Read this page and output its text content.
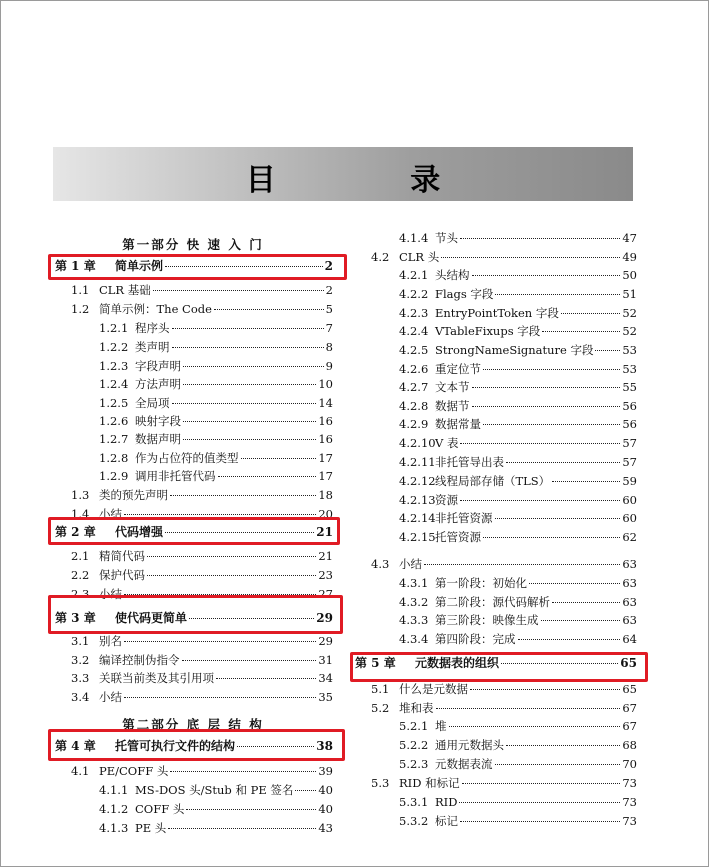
目 录
第一部分 快 速 入 门
第二部分 底 层 结 构
第 1 章	简单示例	2
1.1 CLR 基础	2
1.2 简单示例：The Code	5
1.2.1 程序头	7
1.2.2 类声明	8
1.2.3 字段声明	9
1.2.4 方法声明	10
1.2.5 全局项	14
1.2.6 映射字段	16
1.2.7 数据声明	16
1.2.8 作为占位符的值类型	17
1.2.9 调用非托管代码	17
1.3 类的预先声明	18
1.4 小结	20
第 2 章	代码增强	21
2.1 精简代码	21
2.2 保护代码	23
2.3 小结	27
第 3 章	使代码更简单	29
3.1 别名	29
3.2 编译控制伪指令	31
3.3 关联当前类及其引用项	34
3.4 小结	35
第 4 章	托管可执行文件的结构	38
4.1 PE/COFF 头	39
4.1.1 MS-DOS 头/Stub 和 PE 签名 40
4.1.2 COFF 头	40
4.1.3 PE 头	43
4.1.4 节头	47
4.2 CLR 头	49
4.2.1 头结构	50
4.2.2 Flags 字段	51
4.2.3 EntryPointToken 字段	52
4.2.4 VTableFixups 字段	52
4.2.5 StrongNameSignature 字段	53
4.2.6 重定位节	53
4.2.7 文本节	55
4.2.8 数据节	56
4.2.9 数据常量	56
4.2.10 V 表	57
4.2.11 非托管导出表	57
4.2.12 线程局部存储（TLS）	59
4.2.13 资源	60
4.2.14 非托管资源	60
4.2.15 托管资源	62
4.3 小结	63
4.3.1 第一阶段：初始化	63
4.3.2 第二阶段：源代码解析	63
4.3.3 第三阶段：映像生成	63
4.3.4 第四阶段：完成	64
第 5 章	元数据表的组织	65
5.1 什么是元数据	65
5.2 堆和表	67
5.2.1 堆	67
5.2.2 通用元数据头	68
5.2.3 元数据表流	70
5.3 RID 和标记	73
5.3.1 RID	73
5.3.2 标记	73
